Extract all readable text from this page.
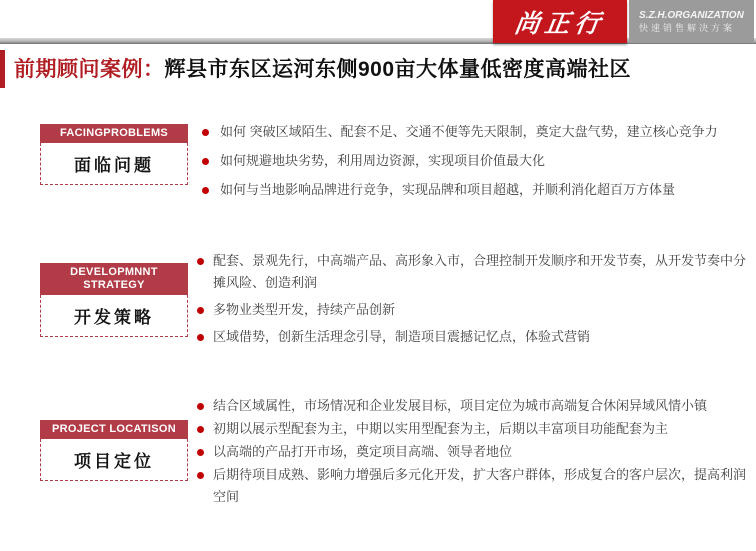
尚正行	S.Z.H.ORGANIZATION
快速销售解决方案
前期顾问案例：辉县市东区运河东侧900亩大体量低密度高端社区
FACINGPROBLEMS
面临问题
如何 突破区域陌生、配套不足、交通不便等先天限制，奠定大盘气势，建立核心竞争力
如何规避地块劣势，利用周边资源，实现项目价值最大化
如何与当地影响品牌进行竞争，实现品牌和项目超越，并顺利消化超百万方体量
DEVELOPMNNT STRATEGY
开发策略
配套、景观先行，中高端产品、高形象入市，合理控制开发顺序和开发节奏，从开发节奏中分摊风险、创造利润
多物业类型开发，持续产品创新
区域借势，创新生活理念引导，制造项目震撼记忆点，体验式营销
PROJECT LOCATISON
项目定位
结合区域属性，市场情况和企业发展目标，项目定位为城市高端复合休闲异域风情小镇
初期以展示型配套为主，中期以实用型配套为主，后期以丰富项目功能配套为主
以高端的产品打开市场，奠定项目高端、领导者地位
后期待项目成熟、影响力增强后多元化开发，扩大客户群体，形成复合的客户层次，提高利润空间
